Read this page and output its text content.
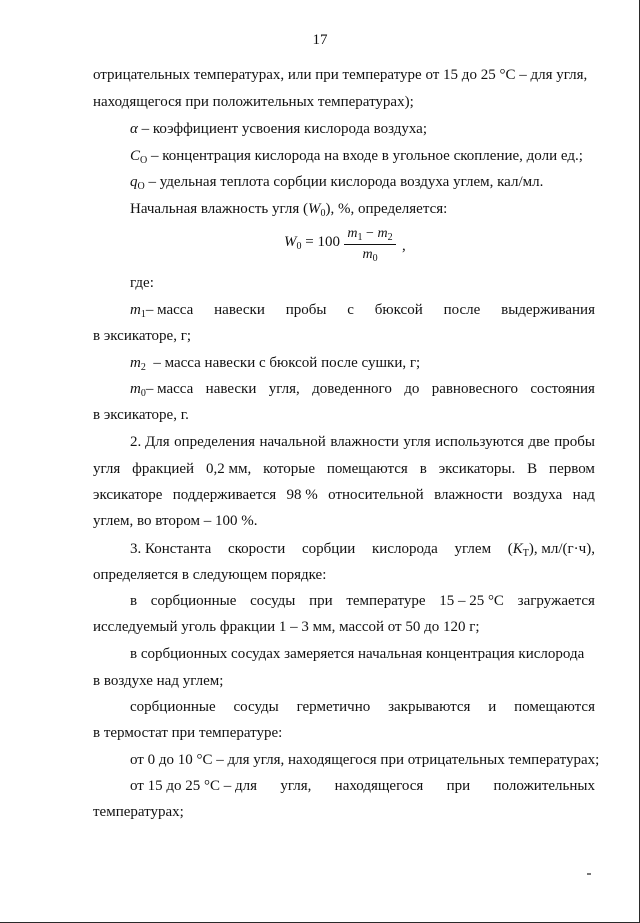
17
отрицательных температурах, или при температуре от 15 до 25 °С – для угля,
находящегося при положительных температурах);
α – коэффициент усвоения кислорода воздуха;
$C_O$ – концентрация кислорода на входе в угольное скопление, доли ед.;
$q_O$ – удельная теплота сорбции кислорода воздуха углем, кал/мл.
Начальная влажность угля $(W_0)$, %, определяется:
$W_0 = 100$
$m_1 - m_2$
$m_0$
,
где:
$m_1-$ масса навески пробы с бюксой после выдерживания
в эксикаторе, г;
$m_2$  – масса навески с бюксой после сушки, г;
$m_0-$ масса навески угля, доведенного до равновесного состояния
в эксикаторе, г.
2. Для определения начальной влажности угля используются две пробы
угля фракцией 0,2 мм, которые помещаются в эксикаторы. В первом
эксикаторе поддерживается 98 % относительной влажности воздуха над
углем, во втором – 100 %.
3. Константа скорости сорбции кислорода углем $(K_T)$, мл/(г·ч),
определяется в следующем порядке:
в сорбционные сосуды при температуре 15 – 25 °С загружается
исследуемый уголь фракции 1 – 3 мм, массой от 50 до 120 г;
в сорбционных сосудах замеряется начальная концентрация кислорода
в воздухе над углем;
сорбционные сосуды герметично закрываются и помещаются
в термостат при температуре:
от 0 до 10 °С – для угля, находящегося при отрицательных температурах;
от 15 до 25 °С – для угля, находящегося при положительных
температурах;
